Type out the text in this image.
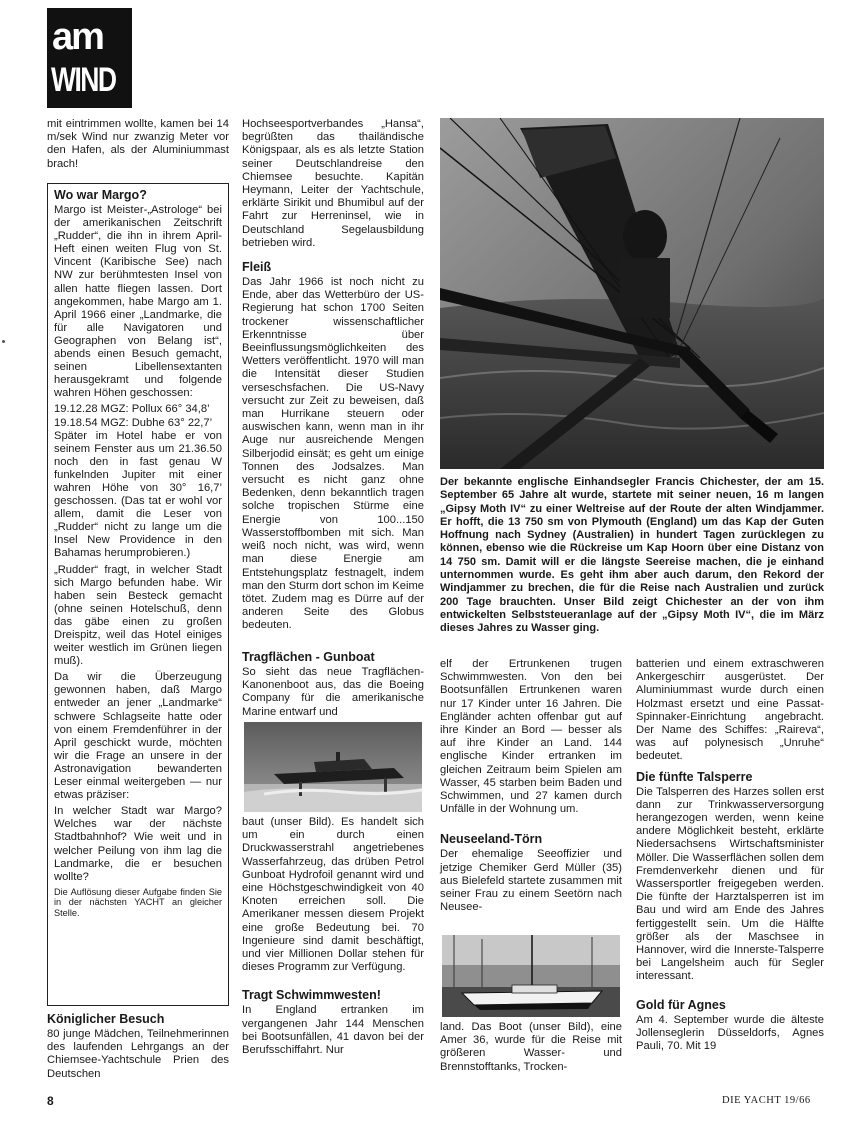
am
WIND

mit eintrimmen wollte, kamen bei 14 m/sek Wind nur zwanzig Meter vor den Hafen, als der Aluminiummast brach!

Wo war Margo?

Margo ist Meister-„Astrologe“ bei der amerikanischen Zeitschrift „Rudder“, die ihn in ihrem April-Heft einen weiten Flug von St. Vincent (Karibische See) nach NW zur berühmtesten Insel von allen hatte fliegen lassen. Dort angekommen, habe Margo am 1. April 1966 einer „Landmarke, die für alle Navigatoren und Geographen von Belang ist“, abends einen Besuch gemacht, seinen Libellensextanten herausgekramt und folgende wahren Höhen geschossen:

19.12.28 MGZ: Pollux 66° 34,8’

19.18.54 MGZ: Dubhe 63° 22,7’

Später im Hotel habe er von seinem Fenster aus um 21.36.50 noch den in fast genau W funkelnden Jupiter mit einer wahren Höhe von 30° 16,7’ geschossen. (Das tat er wohl vor allem, damit die Leser von „Rudder“ nicht zu lange um die Insel New Providence in den Bahamas herumprobieren.)

„Rudder“ fragt, in welcher Stadt sich Margo befunden habe. Wir haben sein Besteck gemacht (ohne seinen Hotelschuß, denn das gäbe einen zu großen Dreispitz, weil das Hotel einiges weiter westlich im Grünen liegen muß).

Da wir die Überzeugung gewonnen haben, daß Margo entweder an jener „Landmarke“ schwere Schlagseite hatte oder von einem Fremdenführer in der April geschickt wurde, möchten wir die Frage an unsere in der Astronavigation bewanderten Leser einmal weitergeben — nur etwas präziser:

In welcher Stadt war Margo? Welches war der nächste Stadtbahnhof? Wie weit und in welcher Peilung von ihm lag die Landmarke, die er besuchen wollte?

Die Auflösung dieser Aufgabe finden Sie in der nächsten YACHT an gleicher Stelle.

Königlicher Besuch

80 junge Mädchen, Teilnehmerinnen des laufenden Lehrgangs an der Chiemsee-Yachtschule Prien des Deutschen

Hochseesportverbandes „Hansa“, begrüßten das thailändische Königspaar, als es als letzte Station seiner Deutschlandreise den Chiemsee besuchte. Kapitän Heymann, Leiter der Yachtschule, erklärte Sirikit und Bhumibul auf der Fahrt zur Herreninsel, wie in Deutschland Segelausbildung betrieben wird.

Fleiß

Das Jahr 1966 ist noch nicht zu Ende, aber das Wetterbüro der US-Regierung hat schon 1700 Seiten trockener wissenschaftlicher Erkenntnisse über Beeinflussungsmöglichkeiten des Wetters veröffentlicht. 1970 will man die Intensität dieser Studien verseschsfachen. Die US-Navy versucht zur Zeit zu beweisen, daß man Hurrikane steuern oder auswischen kann, wenn man in ihr Auge nur ausreichende Mengen Silberjodid einsät; es geht um einige Tonnen des Jodsalzes. Man versucht es nicht ganz ohne Bedenken, denn bekanntlich tragen solche tropischen Stürme eine Energie von 100...150 Wasserstoffbomben mit sich. Man weiß noch nicht, was wird, wenn man diese Energie am Entstehungsplatz festnagelt, indem man den Sturm dort schon im Keime tötet. Zudem mag es Dürre auf der anderen Seite des Globus bedeuten.

Tragflächen - Gunboat

So sieht das neue Tragflächen-Kanonenboot aus, das die Boeing Company für die amerikanische Marine entwarf und

baut (unser Bild). Es handelt sich um ein durch einen Druckwasserstrahl angetriebenes Wasserfahrzeug, das drüben Petrol Gunboat Hydrofoil genannt wird und eine Höchstgeschwindigkeit von 40 Knoten erreichen soll. Die Amerikaner messen diesem Projekt eine große Bedeutung bei. 70 Ingenieure sind damit beschäftigt, und vier Millionen Dollar stehen für dieses Programm zur Verfügung.

Tragt Schwimmwesten!

In England ertranken im vergangenen Jahr 144 Menschen bei Bootsunfällen, 41 davon bei der Berufsschiffahrt. Nur

Der bekannte englische Einhandsegler Francis Chichester, der am 15. September 65 Jahre alt wurde, startete mit seiner neuen, 16 m langen „Gipsy Moth IV“ zu einer Weltreise auf der Route der alten Windjammer. Er hofft, die 13 750 sm von Plymouth (England) um das Kap der Guten Hoffnung nach Sydney (Australien) in hundert Tagen zurücklegen zu können, ebenso wie die Rückreise um Kap Hoorn über eine Distanz von 14 750 sm. Damit will er die längste Seereise machen, die je einhand unternommen wurde. Es geht ihm aber auch darum, den Rekord der Windjammer zu brechen, die für die Reise nach Australien und zurück 200 Tage brauchten. Unser Bild zeigt Chichester an der von ihm entwickelten Selbststeueranlage auf der „Gipsy Moth IV“, die im März dieses Jahres zu Wasser ging.

elf der Ertrunkenen trugen Schwimmwesten. Von den bei Bootsunfällen Ertrunkenen waren nur 17 Kinder unter 16 Jahren. Die Engländer achten offenbar gut auf ihre Kinder an Bord — besser als auf ihre Kinder an Land. 144 englische Kinder ertranken im gleichen Zeitraum beim Spielen am Wasser, 45 starben beim Baden und Schwimmen, und 27 kamen durch Unfälle in der Wohnung um.

Neuseeland-Törn

Der ehemalige Seeoffizier und jetzige Chemiker Gerd Müller (35) aus Bielefeld startete zusammen mit seiner Frau zu einem Seetörn nach Neusee-

land. Das Boot (unser Bild), eine Amer 36, wurde für die Reise mit größeren Wasser- und Brennstofftanks, Trocken-

batterien und einem extraschweren Ankergeschirr ausgerüstet. Der Aluminiummast wurde durch einen Holzmast ersetzt und eine Passat-Spinnaker-Einrichtung angebracht. Der Name des Schiffes: „Raireva“, was auf polynesisch „Unruhe“ bedeutet.

Die fünfte Talsperre

Die Talsperren des Harzes sollen erst dann zur Trinkwasserversorgung herangezogen werden, wenn keine andere Möglichkeit besteht, erklärte Niedersachsens Wirtschaftsminister Möller. Die Wasserflächen sollen dem Fremdenverkehr dienen und für Wassersportler freigegeben werden. Die fünfte der Harztalsperren ist im Bau und wird am Ende des Jahres fertiggestellt sein. Um die Hälfte größer als der Maschsee in Hannover, wird die Innerste-Talsperre bei Langelsheim auch für Segler interessant.

Gold für Agnes

Am 4. September wurde die älteste Jollenseglerin Düsseldorfs, Agnes Pauli, 70. Mit 19

8	DIE YACHT 19/66
